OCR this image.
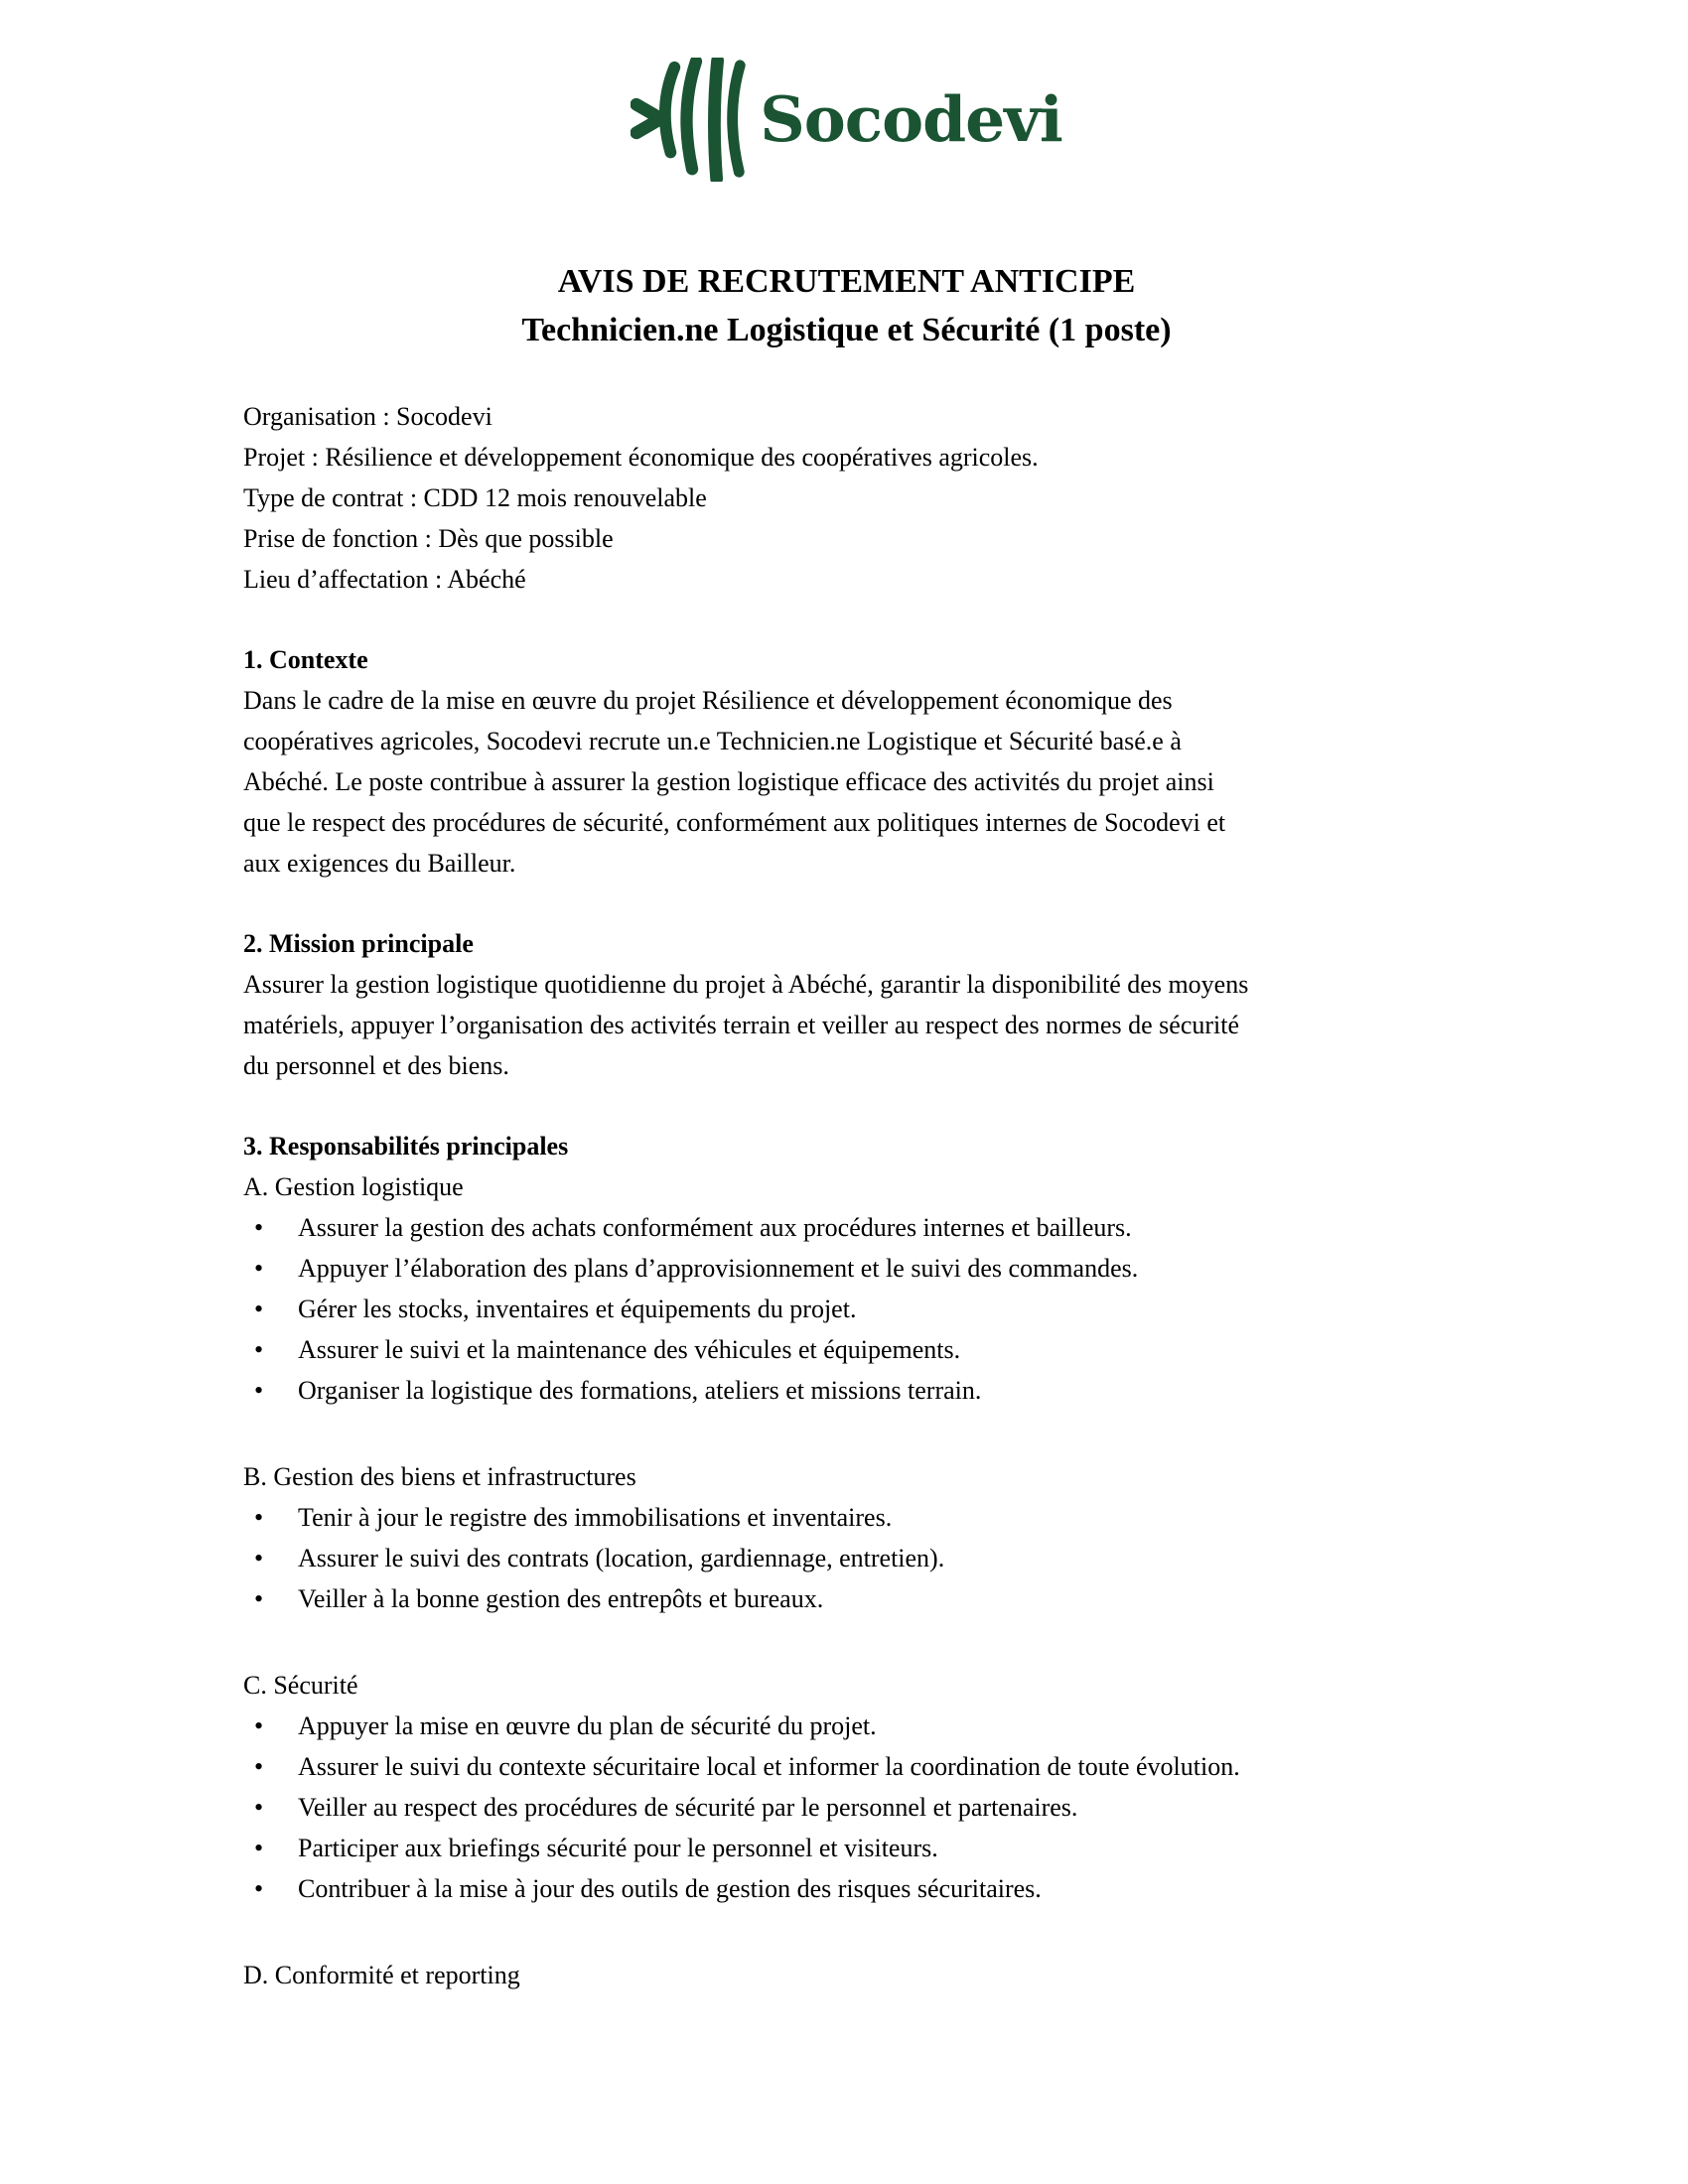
Socodevi

AVIS DE RECRUTEMENT ANTICIPE

Technicien.ne Logistique et Sécurité (1 poste)

Organisation : Socodevi

Projet : Résilience et développement économique des coopératives agricoles.

Type de contrat : CDD 12 mois renouvelable

Prise de fonction : Dès que possible

Lieu d’affectation : Abéché

1. Contexte

Dans le cadre de la mise en œuvre du projet Résilience et développement économique des

coopératives agricoles, Socodevi recrute un.e Technicien.ne Logistique et Sécurité basé.e à

Abéché. Le poste contribue à assurer la gestion logistique efficace des activités du projet ainsi

que le respect des procédures de sécurité, conformément aux politiques internes de Socodevi et

aux exigences du Bailleur.

2. Mission principale

Assurer la gestion logistique quotidienne du projet à Abéché, garantir la disponibilité des moyens

matériels, appuyer l’organisation des activités terrain et veiller au respect des normes de sécurité

du personnel et des biens.

3. Responsabilités principales

A. Gestion logistique

•	Assurer la gestion des achats conformément aux procédures internes et bailleurs.
•	Appuyer l’élaboration des plans d’approvisionnement et le suivi des commandes.
•	Gérer les stocks, inventaires et équipements du projet.
•	Assurer le suivi et la maintenance des véhicules et équipements.
•	Organiser la logistique des formations, ateliers et missions terrain.

B. Gestion des biens et infrastructures

•	Tenir à jour le registre des immobilisations et inventaires.
•	Assurer le suivi des contrats (location, gardiennage, entretien).
•	Veiller à la bonne gestion des entrepôts et bureaux.

C. Sécurité

•	Appuyer la mise en œuvre du plan de sécurité du projet.
•	Assurer le suivi du contexte sécuritaire local et informer la coordination de toute évolution.
•	Veiller au respect des procédures de sécurité par le personnel et partenaires.
•	Participer aux briefings sécurité pour le personnel et visiteurs.
•	Contribuer à la mise à jour des outils de gestion des risques sécuritaires.

D. Conformité et reporting
